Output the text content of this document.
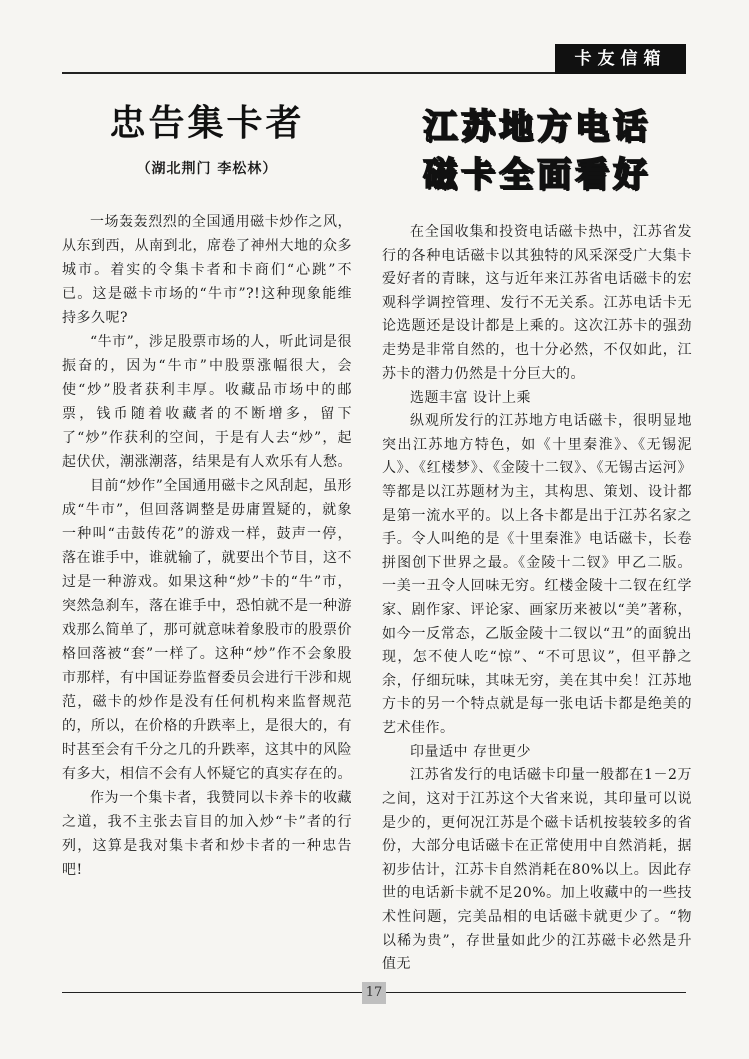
卡友信箱
忠告集卡者
（湖北荆门 李松林）

一场轰轰烈烈的全国通用磁卡炒作之风，从东到西，从南到北，席卷了神州大地的众多城市。着实的令集卡者和卡商们“心跳”不已。这是磁卡市场的“牛市”?!这种现象能维持多久呢?

“牛市”，涉足股票市场的人，听此词是很振奋的，因为“牛市”中股票涨幅很大，会使“炒”股者获利丰厚。收藏品市场中的邮票，钱币随着收藏者的不断增多，留下了“炒”作获利的空间，于是有人去“炒”，起起伏伏，潮涨潮落，结果是有人欢乐有人愁。

目前“炒作”全国通用磁卡之风刮起，虽形成“牛市”，但回落调整是毋庸置疑的，就象一种叫“击鼓传花”的游戏一样，鼓声一停，落在谁手中，谁就输了，就要出个节目，这不过是一种游戏。如果这种“炒”卡的“牛”市，突然急刹车，落在谁手中，恐怕就不是一种游戏那么简单了，那可就意味着象股市的股票价格回落被“套”一样了。这种“炒”作不会象股市那样，有中国证券监督委员会进行干涉和规范，磁卡的炒作是没有任何机构来监督规范的，所以，在价格的升跌率上，是很大的，有时甚至会有千分之几的升跌率，这其中的风险有多大，相信不会有人怀疑它的真实存在的。

作为一个集卡者，我赞同以卡养卡的收藏之道，我不主张去盲目的加入炒“卡”者的行列，这算是我对集卡者和炒卡者的一种忠告吧!

江苏地方电话
磁卡全面看好

在全国收集和投资电话磁卡热中，江苏省发行的各种电话磁卡以其独特的风采深受广大集卡爱好者的青睐，这与近年来江苏省电话磁卡的宏观科学调控管理、发行不无关系。江苏电话卡无论选题还是设计都是上乘的。这次江苏卡的强劲走势是非常自然的，也十分必然，不仅如此，江苏卡的潜力仍然是十分巨大的。

选题丰富 设计上乘

纵观所发行的江苏地方电话磁卡，很明显地突出江苏地方特色，如《十里秦淮》、《无锡泥人》、《红楼梦》、《金陵十二钗》、《无锡古运河》等都是以江苏题材为主，其构思、策划、设计都是第一流水平的。以上各卡都是出于江苏名家之手。令人叫绝的是《十里秦淮》电话磁卡，长卷拼图创下世界之最。《金陵十二钗》甲乙二版。一美一丑令人回味无穷。红楼金陵十二钗在红学家、剧作家、评论家、画家历来被以“美”著称，如今一反常态，乙版金陵十二钗以“丑”的面貌出现，怎不使人吃“惊”、“不可思议”，但平静之余，仔细玩味，其味无穷，美在其中矣！江苏地方卡的另一个特点就是每一张电话卡都是绝美的艺术佳作。

印量适中 存世更少

江苏省发行的电话磁卡印量一般都在1－2万之间，这对于江苏这个大省来说，其印量可以说是少的，更何况江苏是个磁卡话机按装较多的省份，大部分电话磁卡在正常使用中自然消耗，据初步估计，江苏卡自然消耗在80%以上。因此存世的电话新卡就不足20%。加上收藏中的一些技术性问题，完美品相的电话磁卡就更少了。“物以稀为贵”，存世量如此少的江苏磁卡必然是升值无

17
